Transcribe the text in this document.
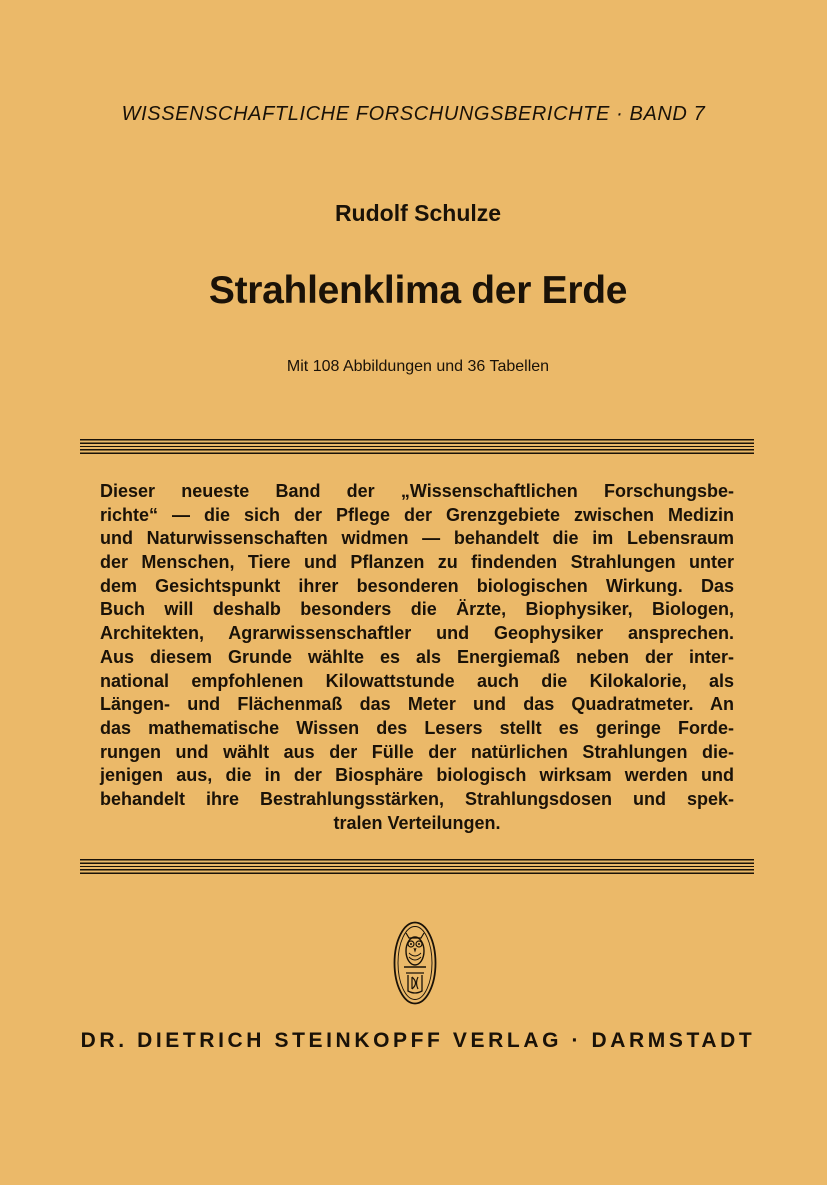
WISSENSCHAFTLICHE FORSCHUNGSBERICHTE · BAND 7
Rudolf Schulze
Strahlenklima der Erde
Mit 108 Abbildungen und 36 Tabellen
Dieser neueste Band der „Wissenschaftlichen Forschungsbe-
richte“ — die sich der Pflege der Grenzgebiete zwischen Medizin
und Naturwissenschaften widmen — behandelt die im Lebensraum
der Menschen, Tiere und Pflanzen zu findenden Strahlungen unter
dem Gesichtspunkt ihrer besonderen biologischen Wirkung. Das
Buch will deshalb besonders die Ärzte, Biophysiker, Biologen,
Architekten, Agrarwissenschaftler und Geophysiker ansprechen.
Aus diesem Grunde wählte es als Energiemaß neben der inter-
national empfohlenen Kilowattstunde auch die Kilokalorie, als
Längen- und Flächenmaß das Meter und das Quadratmeter. An
das mathematische Wissen des Lesers stellt es geringe Forde-
rungen und wählt aus der Fülle der natürlichen Strahlungen die-
jenigen aus, die in der Biosphäre biologisch wirksam werden und
behandelt ihre Bestrahlungsstärken, Strahlungsdosen und spek-
tralen Verteilungen.
DR. DIETRICH STEINKOPFF VERLAG · DARMSTADT
